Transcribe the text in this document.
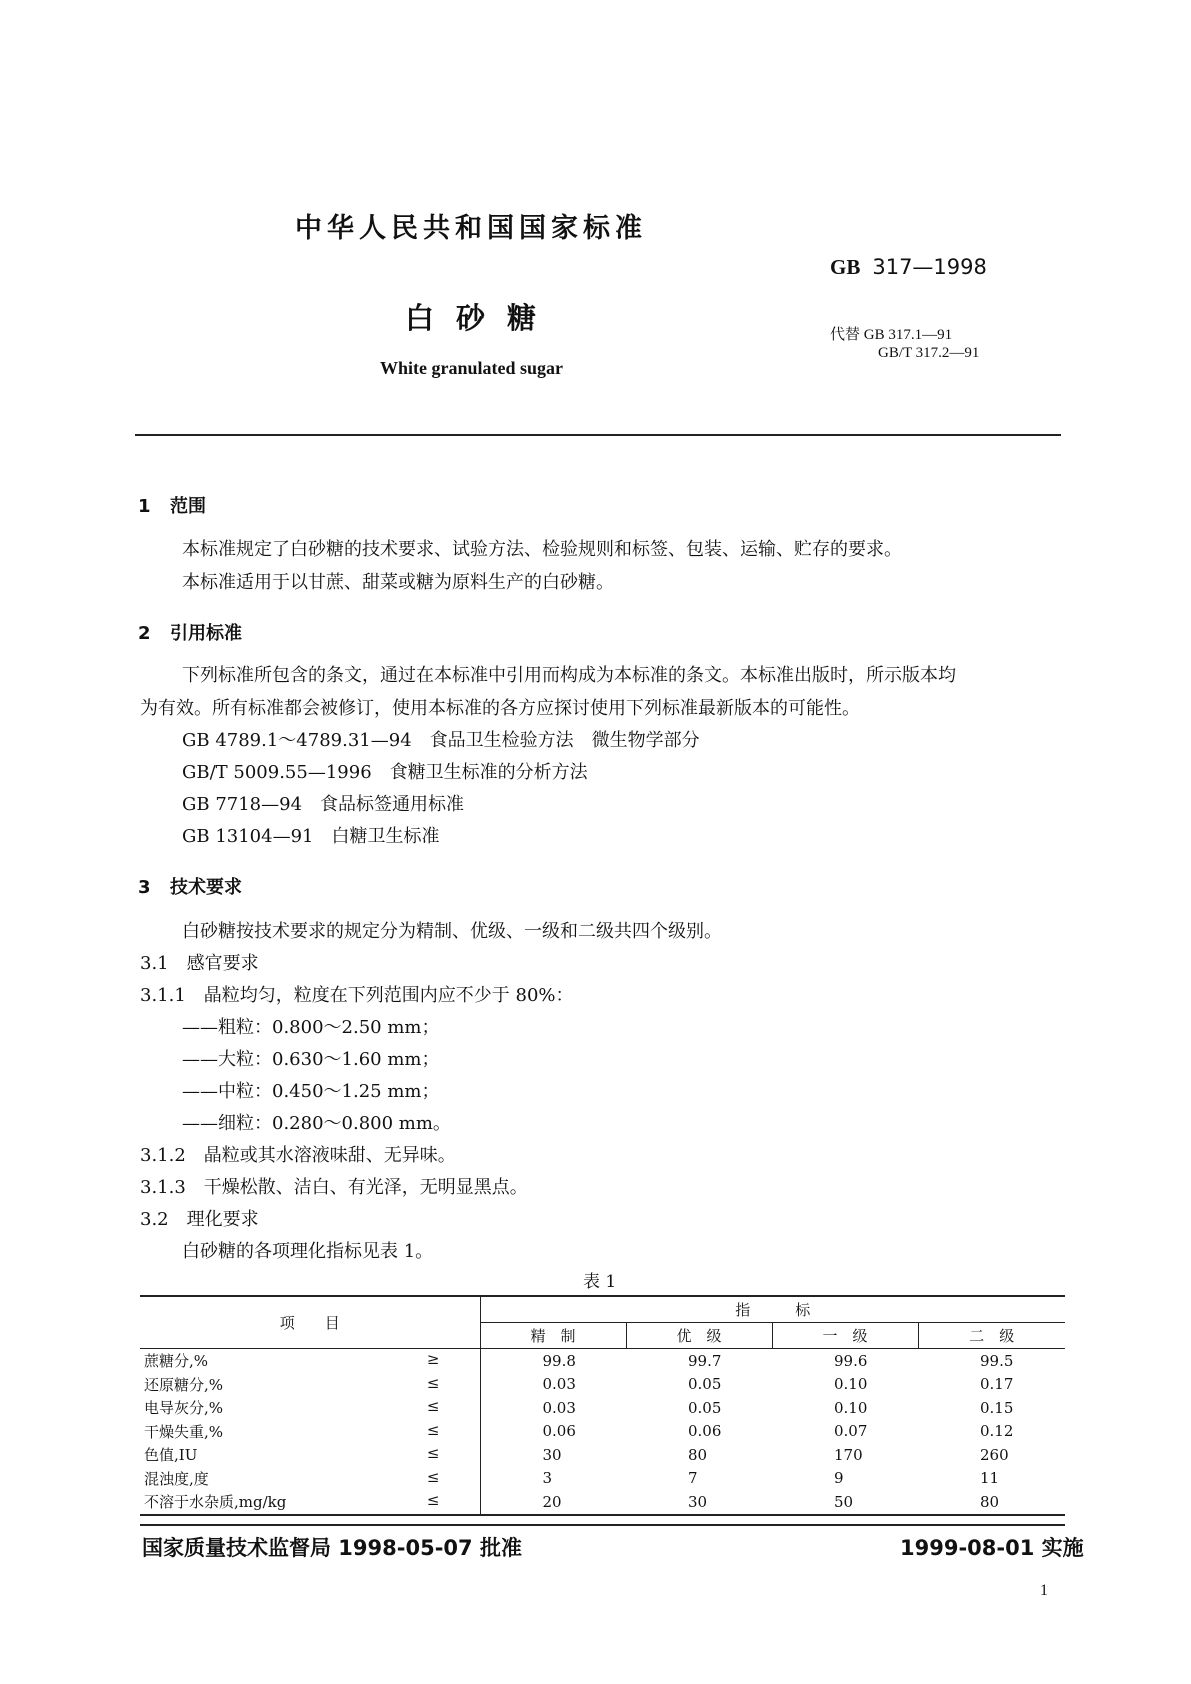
中华人民共和国国家标准
GB 317—1998
白砂糖	代替 GB 317.1—91
GB/T 317.2—91
White granulated sugar
1 范围
本标准规定了白砂糖的技术要求、试验方法、检验规则和标签、包装、运输、贮存的要求。
本标准适用于以甘蔗、甜菜或糖为原料生产的白砂糖。
2 引用标准
下列标准所包含的条文，通过在本标准中引用而构成为本标准的条文。本标准出版时，所示版本均
为有效。所有标准都会被修订，使用本标准的各方应探讨使用下列标准最新版本的可能性。
GB 4789.1～4789.31—94　食品卫生检验方法　微生物学部分
GB/T 5009.55—1996　食糖卫生标准的分析方法
GB 7718—94　食品标签通用标准
GB 13104—91　白糖卫生标准
3 技术要求
白砂糖按技术要求的规定分为精制、优级、一级和二级共四个级别。
3.1　感官要求
3.1.1　晶粒均匀，粒度在下列范围内应不少于 80%：
——粗粒：0.800～2.50 mm；
——大粒：0.630～1.60 mm；
——中粒：0.450～1.25 mm；
——细粒：0.280～0.800 mm。
3.1.2　晶粒或其水溶液味甜、无异味。
3.1.3　干燥松散、洁白、有光泽，无明显黑点。
3.2　理化要求
白砂糖的各项理化指标见表 1。
表 1
项　　目	指　　　标			
	精　制	优　级	一　级	二　级
蔗糖分,% ≥	99.8	99.7	99.6	99.5
还原糖分,% ≤	0.03	0.05	0.10	0.17
电导灰分,% ≤	0.03	0.05	0.10	0.15
干燥失重,% ≤	0.06	0.06	0.07	0.12
色值,IU ≤	30	80	170	260
混浊度,度 ≤	3	7	9	11
不溶于水杂质,mg/kg ≤	20	30	50	80
国家质量技术监督局 1998-05-07 批准	1999-08-01 实施
1
